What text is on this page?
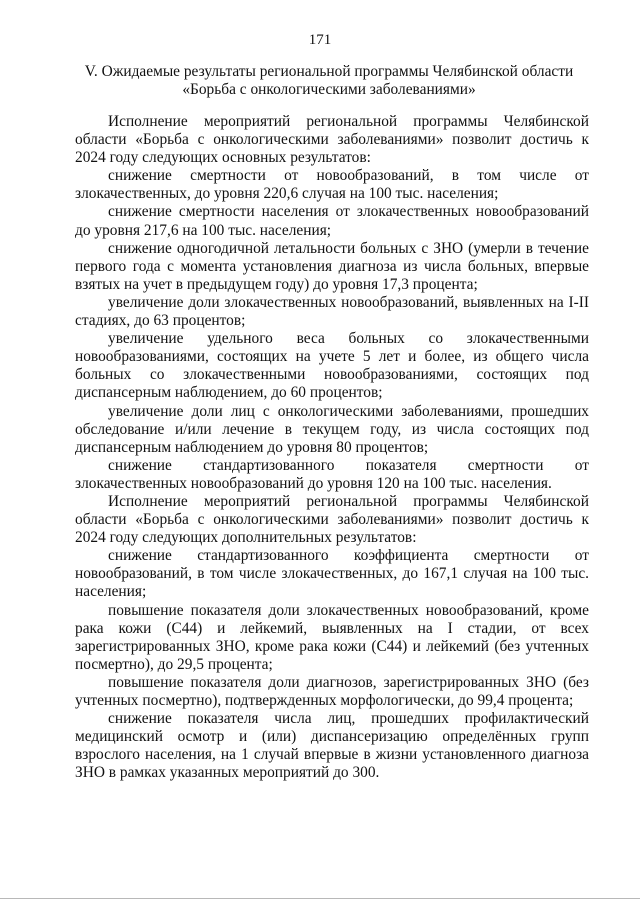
171
V. Ожидаемые результаты региональной программы Челябинской области
«Борьба с онкологическими заболеваниями»

Исполнение мероприятий региональной программы Челябинской области «Борьба с онкологическими заболеваниями» позволит достичь к 2024 году следующих основных результатов:

снижение смертности от новообразований, в том числе от злокачественных, до уровня 220,6 случая на 100 тыс. населения;

снижение смертности населения от злокачественных новообразований до уровня 217,6 на 100 тыс. населения;

снижение одногодичной летальности больных с ЗНО (умерли в течение первого года с момента установления диагноза из числа больных, впервые взятых на учет в предыдущем году) до уровня 17,3 процента;

увеличение доли злокачественных новообразований, выявленных на I-II стадиях, до 63 процентов;

увеличение удельного веса больных со злокачественными новообразованиями, состоящих на учете 5 лет и более, из общего числа больных со злокачественными новообразованиями, состоящих под диспансерным наблюдением, до 60 процентов;

увеличение доли лиц с онкологическими заболеваниями, прошедших обследование и/или лечение в текущем году, из числа состоящих под диспансерным наблюдением до уровня 80 процентов;

снижение стандартизованного показателя смертности от злокачественных новообразований до уровня 120 на 100 тыс. населения.

Исполнение мероприятий региональной программы Челябинской области «Борьба с онкологическими заболеваниями» позволит достичь к 2024 году следующих дополнительных результатов:

снижение стандартизованного коэффициента смертности от новообразований, в том числе злокачественных, до 167,1 случая на 100 тыс. населения;

повышение показателя доли злокачественных новообразований, кроме рака кожи (С44) и лейкемий, выявленных на I стадии, от всех зарегистрированных ЗНО, кроме рака кожи (С44) и лейкемий (без учтенных посмертно), до 29,5 процента;

повышение показателя доли диагнозов, зарегистрированных ЗНО (без учтенных посмертно), подтвержденных морфологически, до 99,4 процента;

снижение показателя числа лиц, прошедших профилактический медицинский осмотр и (или) диспансеризацию определённых групп взрослого населения, на 1 случай впервые в жизни установленного диагноза ЗНО в рамках указанных мероприятий до 300.
